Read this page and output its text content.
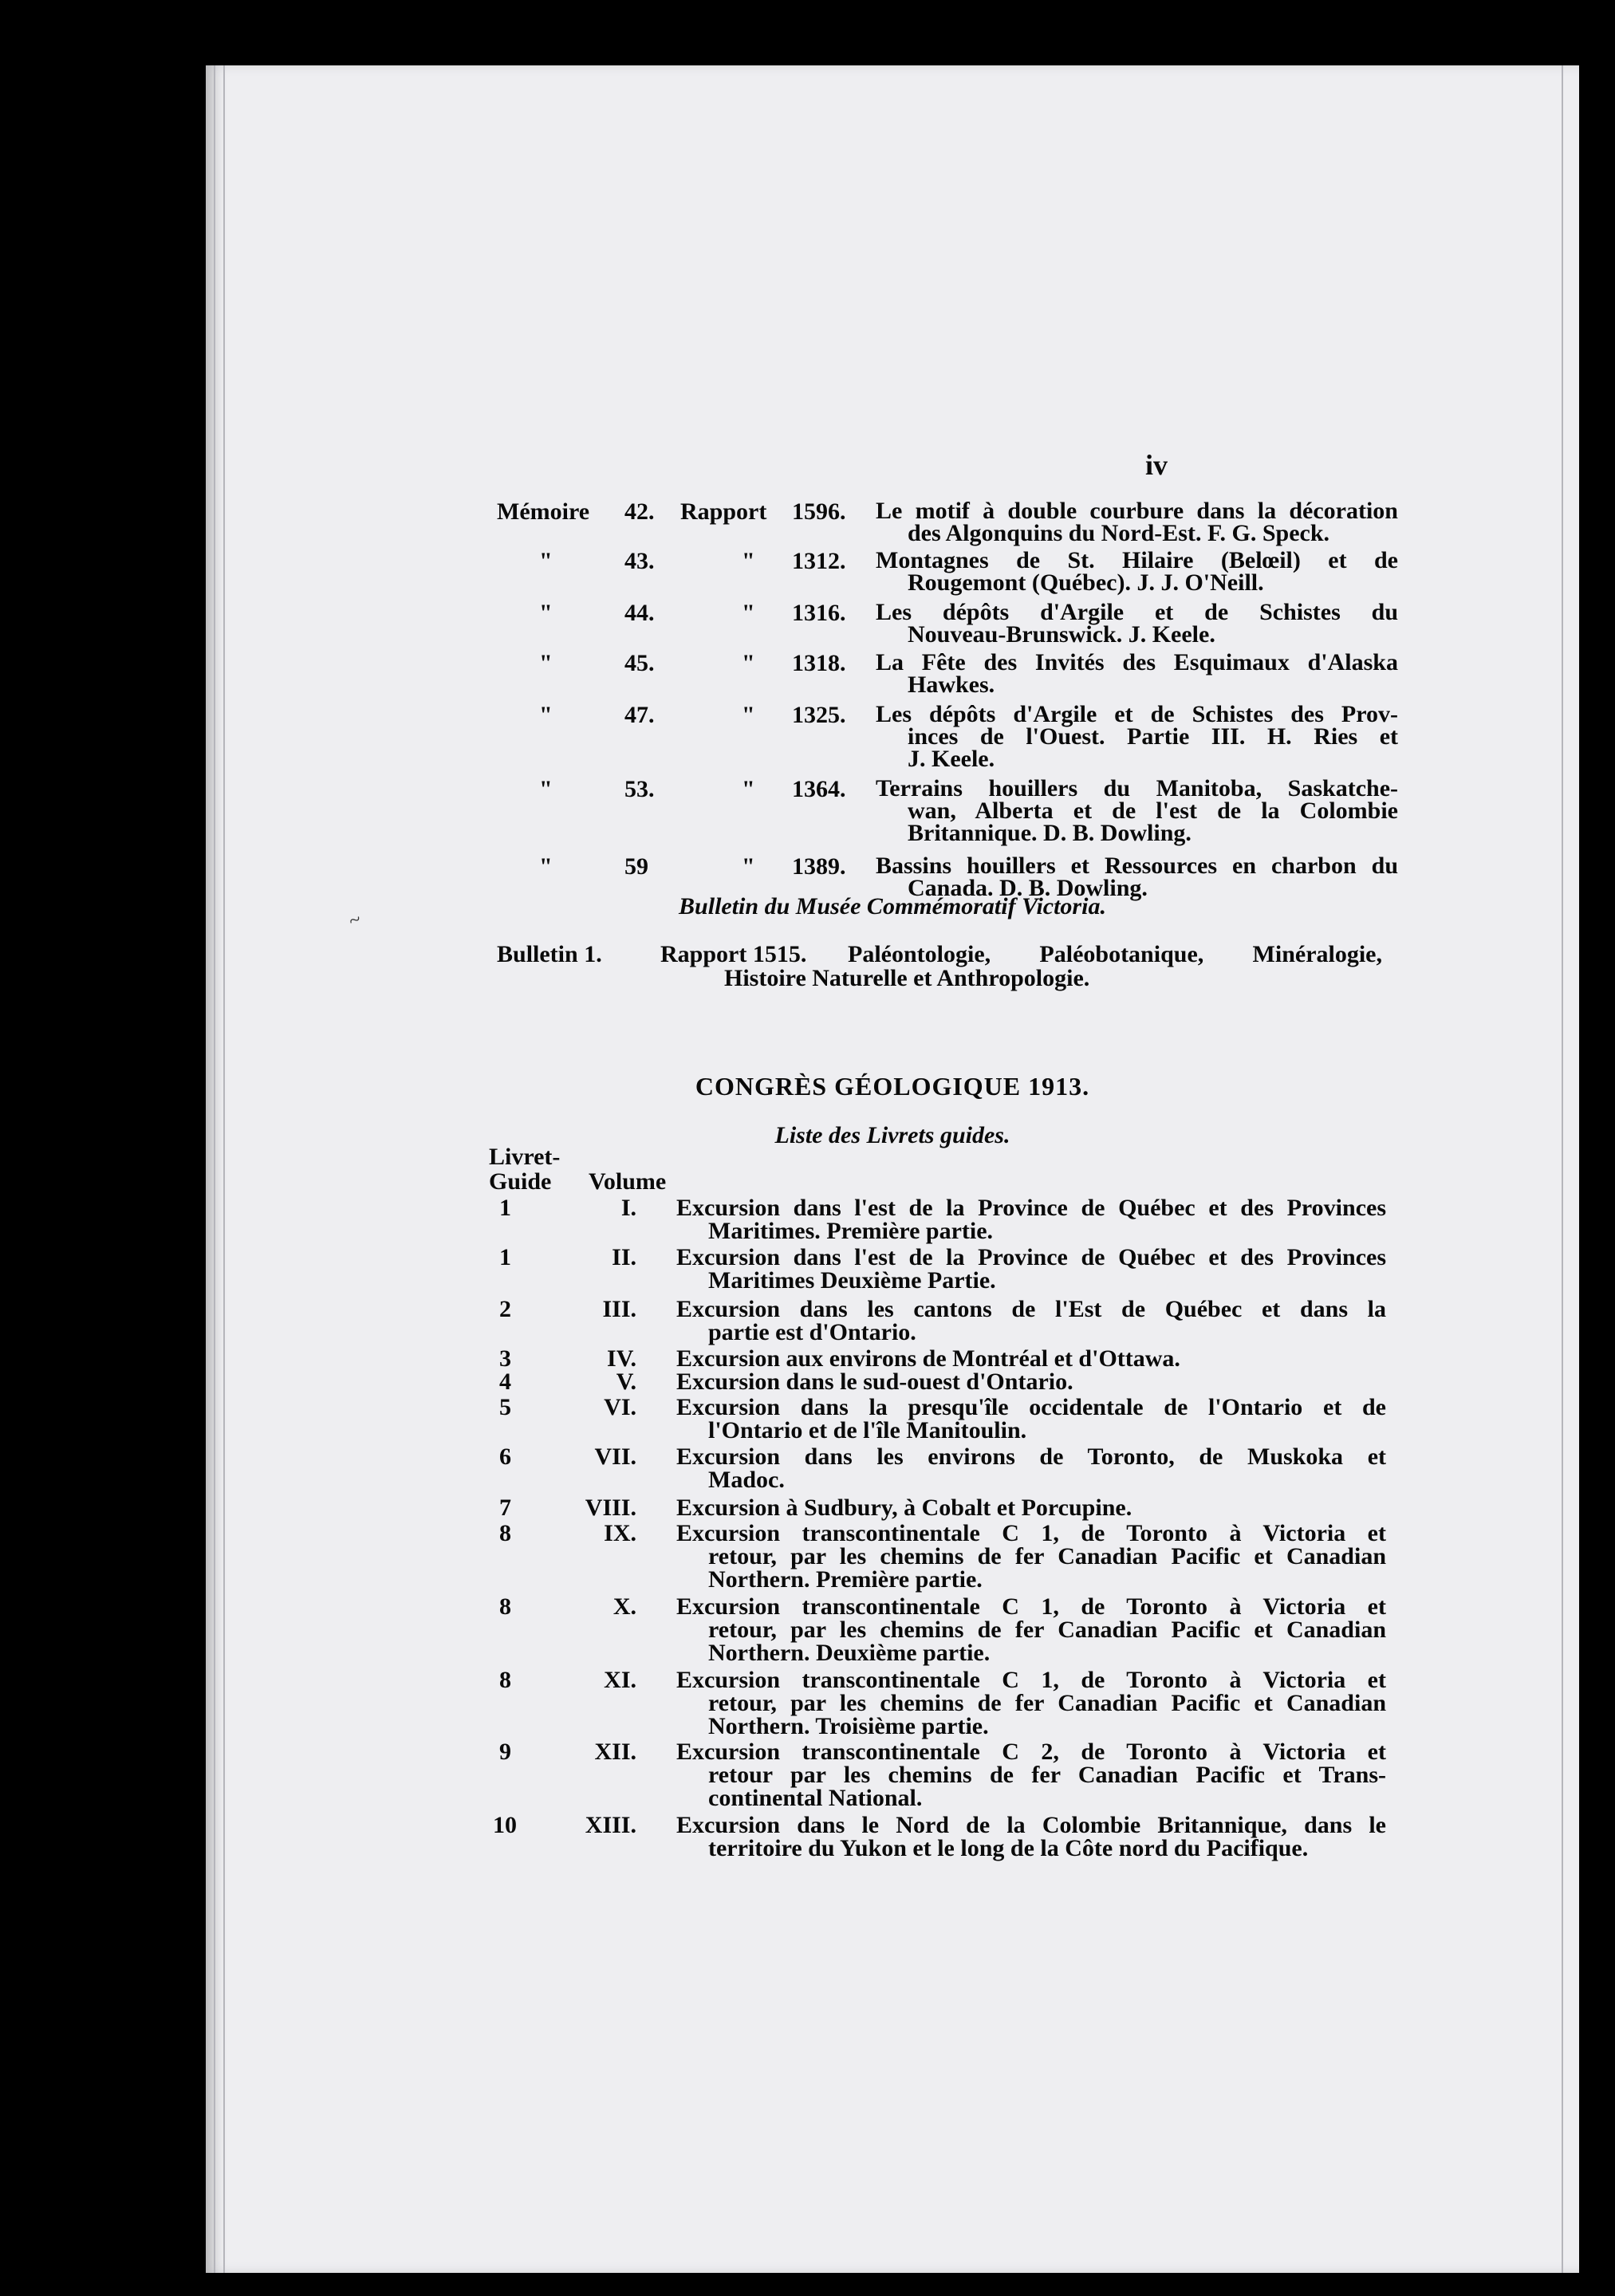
~
iv
Mémoire 42. Rapport 1596. Le motif à double courbure dans la décoration
des Algonquins du Nord-Est. F. G. Speck.
"	43.	" 1312. Montagnes de St. Hilaire (Belœil) et de
Rougemont (Québec). J. J. O'Neill.
"	44.	" 1316. Les dépôts d'Argile et de Schistes du
Nouveau-Brunswick. J. Keele.
"	45.	" 1318. La Fête des Invités des Esquimaux d'Alaska
Hawkes.
"	47.	" 1325. Les dépôts d'Argile et de Schistes des Prov-
inces de l'Ouest. Partie III. H. Ries et
J. Keele.
"	53.	" 1364. Terrains houillers du Manitoba, Saskatche-
wan, Alberta et de l'est de la Colombie
Britannique. D. B. Dowling.
"	59	" 1389. Bassins houillers et Ressources en charbon du
Canada. D. B. Dowling.
Bulletin du Musée Commémoratif Victoria.
Bulletin 1. Rapport 1515. Paléontologie, Paléobotanique, Minéralogie,
Histoire Naturelle et Anthropologie.
CONGRÈS GÉOLOGIQUE 1913.
Liste des Livrets guides.
Livret-
Guide Volume
1	I. Excursion dans l'est de la Province de Québec et des Provinces
Maritimes. Première partie.
1	II. Excursion dans l'est de la Province de Québec et des Provinces
Maritimes Deuxième Partie.
2	III. Excursion dans les cantons de l'Est de Québec et dans la
partie est d'Ontario.
3	IV. Excursion aux environs de Montréal et d'Ottawa.
4	V. Excursion dans le sud-ouest d'Ontario.
5	VI. Excursion dans la presqu'île occidentale de l'Ontario et de
l'Ontario et de l'île Manitoulin.
6	VII. Excursion dans les environs de Toronto, de Muskoka et
Madoc.
7	VIII. Excursion à Sudbury, à Cobalt et Porcupine.
8	IX. Excursion transcontinentale C 1, de Toronto à Victoria et
retour, par les chemins de fer Canadian Pacific et Canadian
Northern. Première partie.
8	X. Excursion transcontinentale C 1, de Toronto à Victoria et
retour, par les chemins de fer Canadian Pacific et Canadian
Northern. Deuxième partie.
8	XI. Excursion transcontinentale C 1, de Toronto à Victoria et
retour, par les chemins de fer Canadian Pacific et Canadian
Northern. Troisième partie.
9	XII. Excursion transcontinentale C 2, de Toronto à Victoria et
retour par les chemins de fer Canadian Pacific et Trans-
continental National.
10	XIII. Excursion dans le Nord de la Colombie Britannique, dans le
territoire du Yukon et le long de la Côte nord du Pacifique.
